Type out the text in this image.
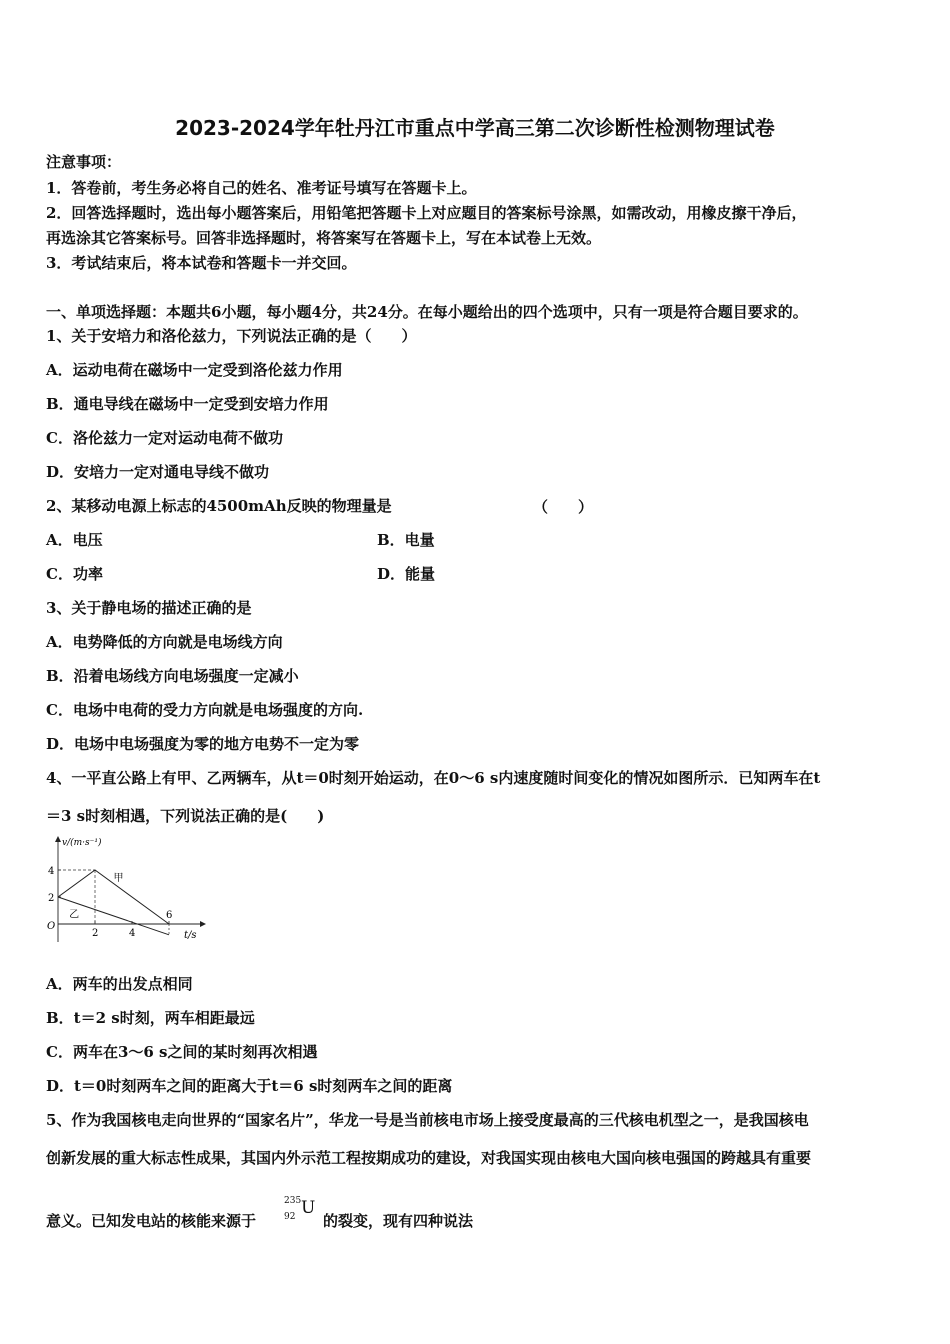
2023-2024学年牡丹江市重点中学高三第二次诊断性检测物理试卷
注意事项：
1．答卷前，考生务必将自己的姓名、准考证号填写在答题卡上。
2．回答选择题时，选出每小题答案后，用铅笔把答题卡上对应题目的答案标号涂黑，如需改动，用橡皮擦干净后，
再选涂其它答案标号。回答非选择题时，将答案写在答题卡上，写在本试卷上无效。
3．考试结束后，将本试卷和答题卡一并交回。
一、单项选择题：本题共6小题，每小题4分，共24分。在每小题给出的四个选项中，只有一项是符合题目要求的。
1、关于安培力和洛伦兹力，下列说法正确的是（　　）
A．运动电荷在磁场中一定受到洛伦兹力作用
B．通电导线在磁场中一定受到安培力作用
C．洛伦兹力一定对运动电荷不做功
D．安培力一定对通电导线不做功
2、某移动电源上标志的4500mAh反映的物理量是	（　　）
A．电压	B．电量
C．功率	D．能量
3、关于静电场的描述正确的是
A．电势降低的方向就是电场线方向
B．沿着电场线方向电场强度一定减小
C．电场中电荷的受力方向就是电场强度的方向.
D．电场中电场强度为零的地方电势不一定为零
4、一平直公路上有甲、乙两辆车，从t＝0时刻开始运动，在0～6 s内速度随时间变化的情况如图所示．已知两车在t
＝3 s时刻相遇，下列说法正确的是(　　)
v/(m·s⁻¹)
t/s
O
2	4
6
2
4
甲
乙
A．两车的出发点相同
B．t＝2 s时刻，两车相距最远
C．两车在3～6 s之间的某时刻再次相遇
D．t＝0时刻两车之间的距离大于t＝6 s时刻两车之间的距离
5、作为我国核电走向世界的“国家名片”，华龙一号是当前核电市场上接受度最高的三代核电机型之一，是我国核电
创新发展的重大标志性成果，其国内外示范工程按期成功的建设，对我国实现由核电大国向核电强国的跨越具有重要
意义。已知发电站的核能来源于
235
92 U
的裂变，现有四种说法
